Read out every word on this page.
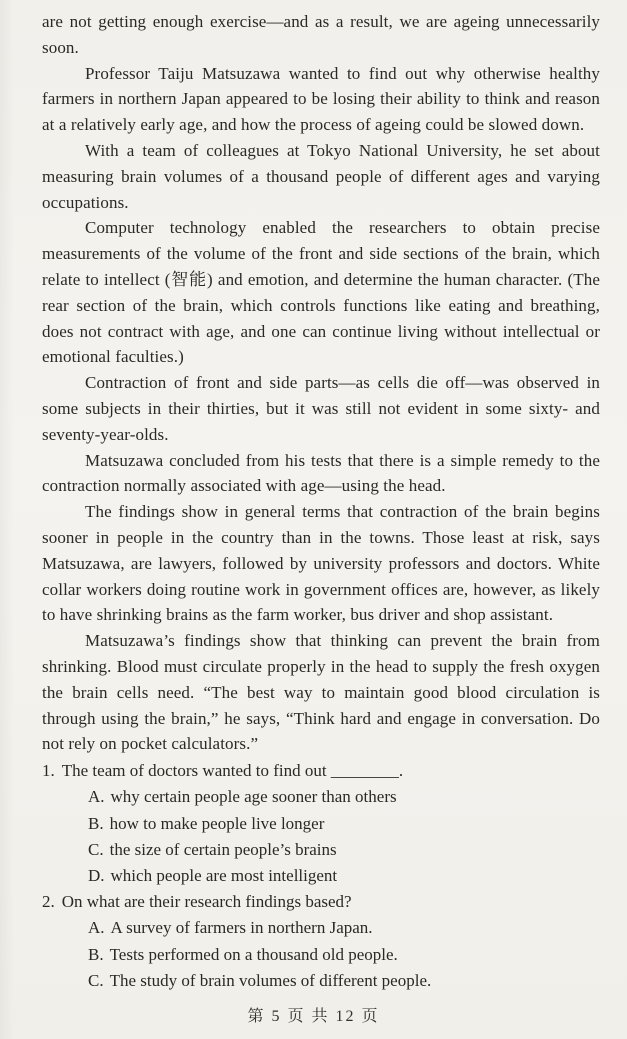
are not getting enough exercise—and as a result, we are ageing unnecessarily soon.

Professor Taiju Matsuzawa wanted to find out why otherwise healthy farmers in northern Japan appeared to be losing their ability to think and reason at a relatively early age, and how the process of ageing could be slowed down.

With a team of colleagues at Tokyo National University, he set about measuring brain volumes of a thousand people of different ages and varying occupations.

Computer technology enabled the researchers to obtain precise measurements of the volume of the front and side sections of the brain, which relate to intellect (智能) and emotion, and determine the human character. (The rear section of the brain, which controls functions like eating and breathing, does not contract with age, and one can continue living without intellectual or emotional faculties.)

Contraction of front and side parts—as cells die off—was observed in some subjects in their thirties, but it was still not evident in some sixty- and seventy-year-olds.

Matsuzawa concluded from his tests that there is a simple remedy to the contraction normally associated with age—using the head.

The findings show in general terms that contraction of the brain begins sooner in people in the country than in the towns. Those least at risk, says Matsuzawa, are lawyers, followed by university professors and doctors. White collar workers doing routine work in government offices are, however, as likely to have shrinking brains as the farm worker, bus driver and shop assistant.

Matsuzawa’s findings show that thinking can prevent the brain from shrinking. Blood must circulate properly in the head to supply the fresh oxygen the brain cells need. “The best way to maintain good blood circulation is through using the brain,” he says, “Think hard and engage in conversation. Do not rely on pocket calculators.”

1. The team of doctors wanted to find out ________.
A. why certain people age sooner than others
B. how to make people live longer
C. the size of certain people’s brains
D. which people are most intelligent
2. On what are their research findings based?
A. A survey of farmers in northern Japan.
B. Tests performed on a thousand old people.
C. The study of brain volumes of different people.
第 5 页 共 12 页
